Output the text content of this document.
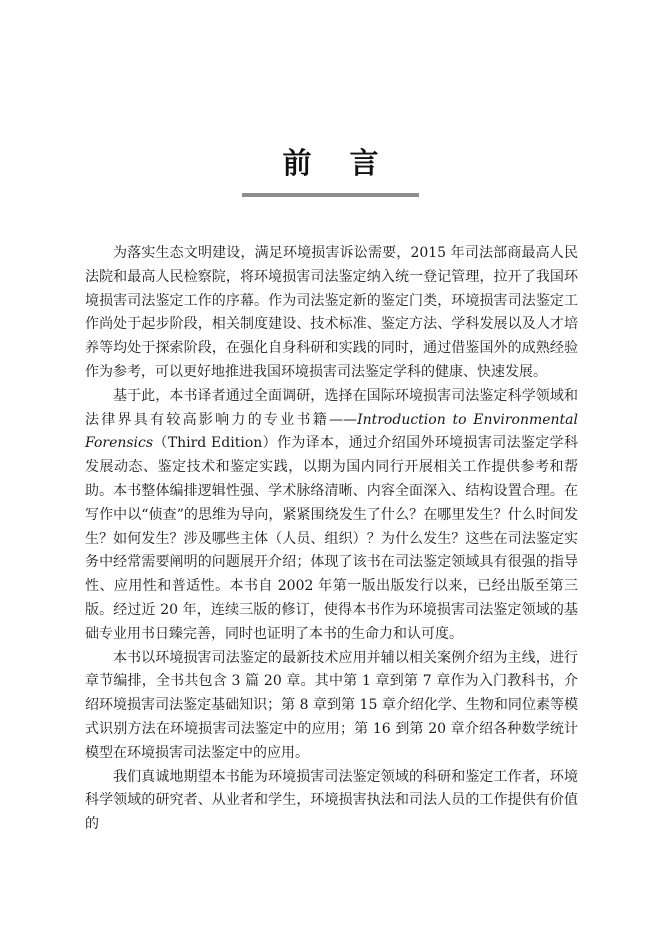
前 言

为落实生态文明建设，满足环境损害诉讼需要，2015 年司法部商最高人民法院和最高人民检察院，将环境损害司法鉴定纳入统一登记管理，拉开了我国环境损害司法鉴定工作的序幕。作为司法鉴定新的鉴定门类，环境损害司法鉴定工作尚处于起步阶段，相关制度建设、技术标准、鉴定方法、学科发展以及人才培养等均处于探索阶段，在强化自身科研和实践的同时，通过借鉴国外的成熟经验作为参考，可以更好地推进我国环境损害司法鉴定学科的健康、快速发展。

基于此，本书译者通过全面调研，选择在国际环境损害司法鉴定科学领域和法律界具有较高影响力的专业书籍——Introduction to Environmental Forensics（Third Edition）作为译本，通过介绍国外环境损害司法鉴定学科发展动态、鉴定技术和鉴定实践，以期为国内同行开展相关工作提供参考和帮助。本书整体编排逻辑性强、学术脉络清晰、内容全面深入、结构设置合理。在写作中以“侦查”的思维为导向，紧紧围绕发生了什么？在哪里发生？什么时间发生？如何发生？涉及哪些主体（人员、组织）？为什么发生？这些在司法鉴定实务中经常需要阐明的问题展开介绍；体现了该书在司法鉴定领域具有很强的指导性、应用性和普适性。本书自 2002 年第一版出版发行以来，已经出版至第三版。经过近 20 年，连续三版的修订，使得本书作为环境损害司法鉴定领域的基础专业用书日臻完善，同时也证明了本书的生命力和认可度。

本书以环境损害司法鉴定的最新技术应用并辅以相关案例介绍为主线，进行章节编排，全书共包含 3 篇 20 章。其中第 1 章到第 7 章作为入门教科书，介绍环境损害司法鉴定基础知识；第 8 章到第 15 章介绍化学、生物和同位素等模式识别方法在环境损害司法鉴定中的应用；第 16 到第 20 章介绍各种数学统计模型在环境损害司法鉴定中的应用。

我们真诚地期望本书能为环境损害司法鉴定领域的科研和鉴定工作者，环境科学领域的研究者、从业者和学生，环境损害执法和司法人员的工作提供有价值的
